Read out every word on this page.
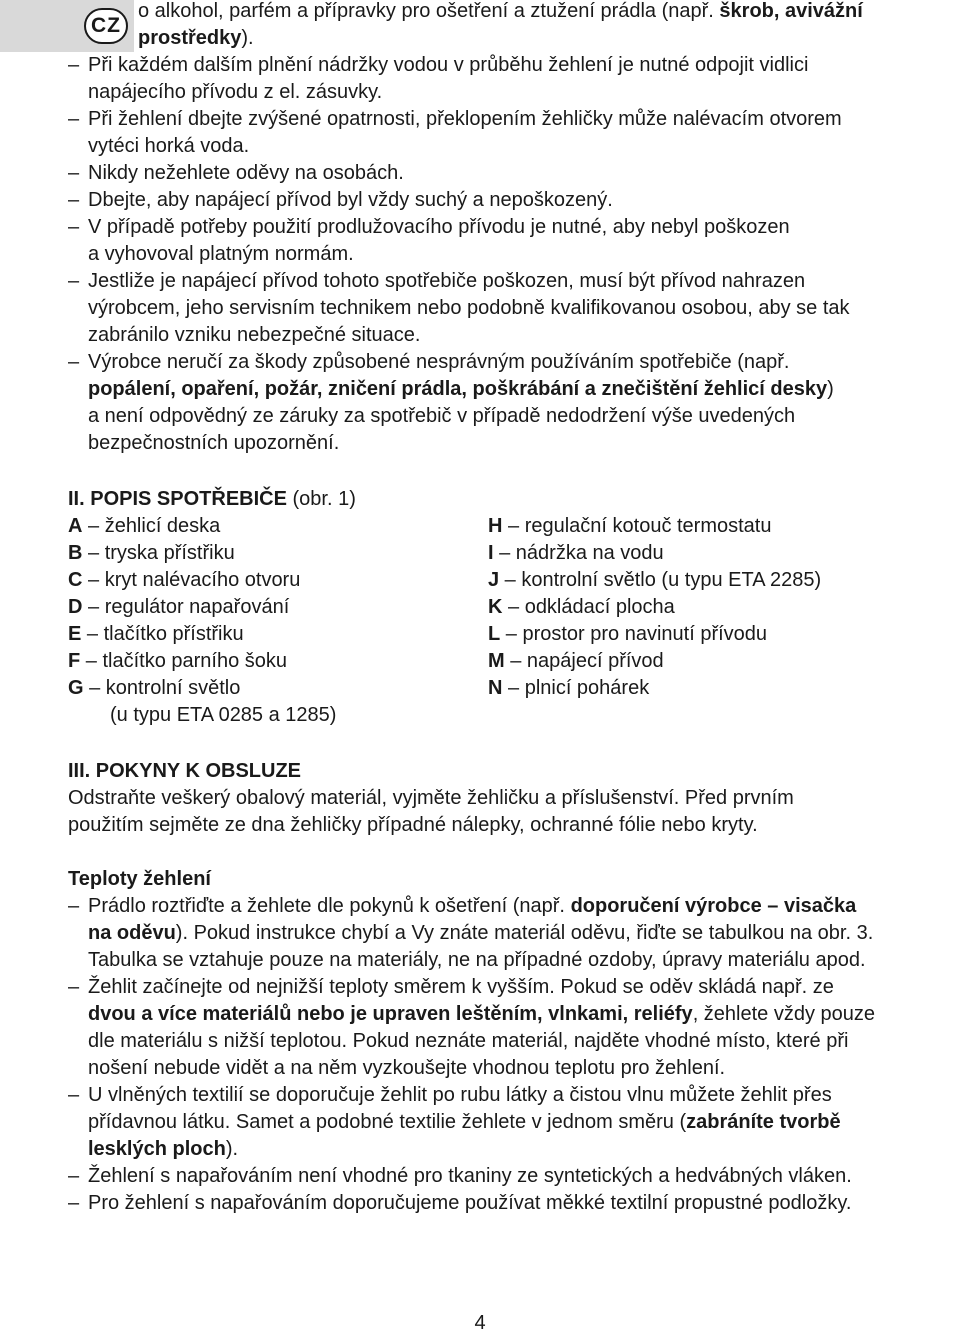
CZ
o alkohol, parfém a přípravky pro ošetření a ztužení prádla (např. škrob, avivážní
prostředky).
– Při každém dalším plnění nádržky vodou v průběhu žehlení je nutné odpojit vidlici
napájecího přívodu z el. zásuvky.
– Při žehlení dbejte zvýšené opatrnosti, překlopením žehličky může nalévacím otvorem
vytéci horká voda.
– Nikdy nežehlete oděvy na osobách.
– Dbejte, aby napájecí přívod byl vždy suchý a nepoškozený.
– V případě potřeby použití prodlužovacího přívodu je nutné, aby nebyl poškozen
a vyhovoval platným normám.
– Jestliže je napájecí přívod tohoto spotřebiče poškozen, musí být přívod nahrazen
výrobcem, jeho servisním technikem nebo podobně kvalifikovanou osobou, aby se tak
zabránilo vzniku nebezpečné situace.
– Výrobce neručí za škody způsobené nesprávným používáním spotřebiče (např.
popálení, opaření, požár, zničení prádla, poškrábání a znečištění žehlicí desky)
a není odpovědný ze záruky za spotřebič v případě nedodržení výše uvedených
bezpečnostních upozornění.
II. POPIS SPOTŘEBIČE (obr. 1)
A – žehlicí deska
B – tryska přístřiku
C – kryt nalévacího otvoru
D – regulátor napařování
E – tlačítko přístřiku
F – tlačítko parního šoku
G – kontrolní světlo
(u typu ETA 0285 a 1285)
H – regulační kotouč termostatu
I – nádržka na vodu
J – kontrolní světlo (u typu ETA 2285)
K – odkládací plocha
L – prostor pro navinutí přívodu
M – napájecí přívod
N – plnicí pohárek
III. POKYNY K OBSLUZE
Odstraňte veškerý obalový materiál, vyjměte žehličku a příslušenství. Před prvním
použitím sejměte ze dna žehličky případné nálepky, ochranné fólie nebo kryty.
Teploty žehlení
– Prádlo roztřiďte a žehlete dle pokynů k ošetření (např. doporučení výrobce – visačka
na oděvu). Pokud instrukce chybí a Vy znáte materiál oděvu, řiďte se tabulkou na obr. 3.
Tabulka se vztahuje pouze na materiály, ne na případné ozdoby, úpravy materiálu apod.
– Žehlit začínejte od nejnižší teploty směrem k vyšším. Pokud se oděv skládá např. ze
dvou a více materiálů nebo je upraven leštěním, vlnkami, reliéfy, žehlete vždy pouze
dle materiálu s nižší teplotou. Pokud neznáte materiál, najděte vhodné místo, které při
nošení nebude vidět a na něm vyzkoušejte vhodnou teplotu pro žehlení.
– U vlněných textilií se doporučuje žehlit po rubu látky a čistou vlnu můžete žehlit přes
přídavnou látku. Samet a podobné textilie žehlete v jednom směru (zabráníte tvorbě
lesklých ploch).
– Žehlení s napařováním není vhodné pro tkaniny ze syntetických a hedvábných vláken.
– Pro žehlení s napařováním doporučujeme používat měkké textilní propustné podložky.
4
